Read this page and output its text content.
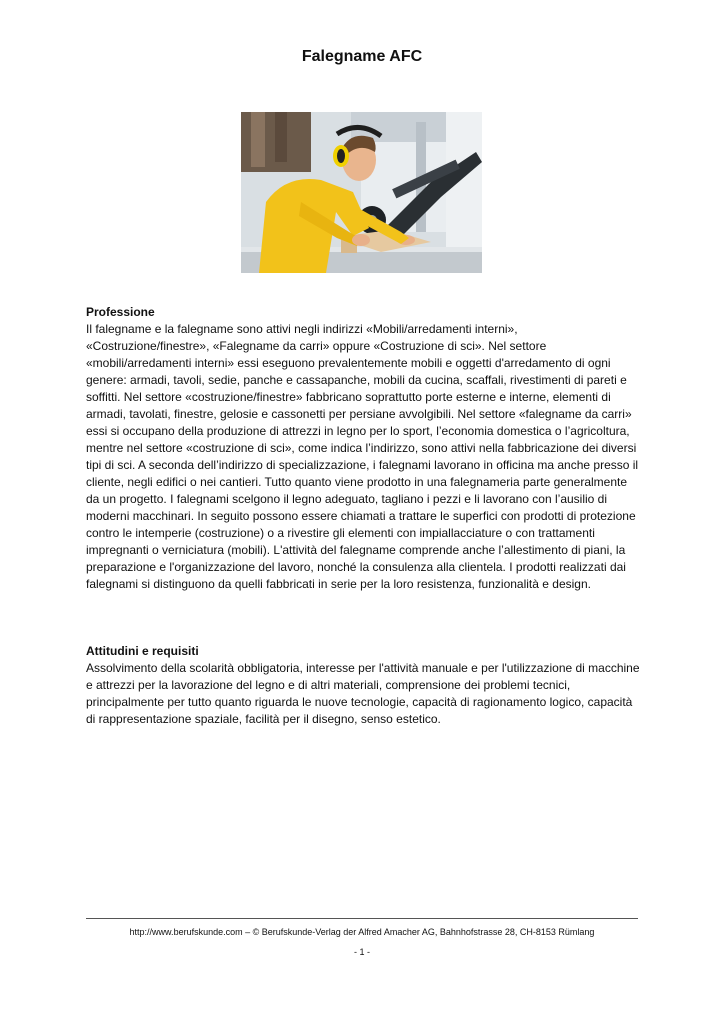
Falegname AFC
Professione

Il falegname e la falegname sono attivi negli indirizzi «Mobili/arredamenti interni», «Costruzione/finestre», «Falegname da carri» oppure «Costruzione di sci». Nel settore «mobili/arredamenti interni» essi eseguono prevalentemente mobili e oggetti d'arredamento di ogni genere: armadi, tavoli, sedie, panche e cassapanche, mobili da cucina, scaffali, rivestimenti di pareti e soffitti. Nel settore «costruzione/finestre» fabbricano soprattutto porte esterne e interne, elementi di armadi, tavolati, finestre, gelosie e cassonetti per persiane avvolgibili. Nel settore «falegname da carri» essi si occupano della produzione di attrezzi in legno per lo sport, l’economia domestica o l’agricoltura, mentre nel settore «costruzione di sci», come indica l’indirizzo, sono attivi nella fabbricazione dei diversi tipi di sci. A seconda dell’indirizzo di specializzazione, i falegnami lavorano in officina ma anche presso il cliente, negli edifici o nei cantieri. Tutto quanto viene prodotto in una falegnameria parte generalmente da un progetto. I falegnami scelgono il legno adeguato, tagliano i pezzi e li lavorano con l’ausilio di moderni macchinari. In seguito possono essere chiamati a trattare le superfici con prodotti di protezione contro le intemperie (costruzione) o a rivestire gli elementi con impiallacciature o con trattamenti impregnanti o verniciatura (mobili). L'attività del falegname comprende anche l’allestimento di piani, la preparazione e l'organizzazione del lavoro, nonché la consulenza alla clientela. I prodotti realizzati dai falegnami si distinguono da quelli fabbricati in serie per la loro resistenza, funzionalità e design.

Attitudini e requisiti

Assolvimento della scolarità obbligatoria, interesse per l'attività manuale e per l'utilizzazione di macchine e attrezzi per la lavorazione del legno e di altri materiali, comprensione dei problemi tecnici, principalmente per tutto quanto riguarda le nuove tecnologie, capacità di ragionamento logico, capacità di rappresentazione spaziale, facilità per il disegno, senso estetico.

http://www.berufskunde.com – © Berufskunde-Verlag der Alfred Amacher AG, Bahnhofstrasse 28, CH-8153 Rümlang
- 1 -
